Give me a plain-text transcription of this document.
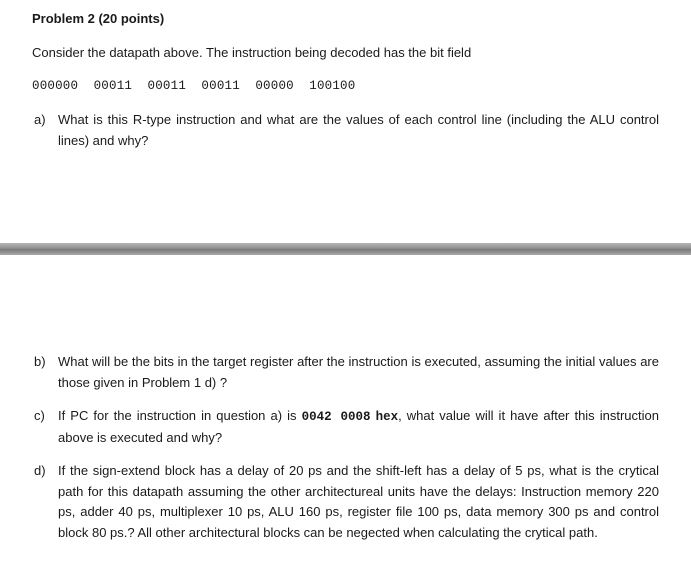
Problem 2 (20 points)

Consider the datapath above. The instruction being decoded has the bit field

000000  00011  00011  00011  00000  100100

a) What is this R-type instruction and what are the values of each control line (including the ALU control lines) and why?
b) What will be the bits in the target register after the instruction is executed, assuming the initial values are those given in Problem 1 d) ?
c)	If PC for the instruction in question a) is 0042 0008 hex, what value will it have after this instruction above is executed and why?
d) If the sign-extend block has a delay of 20 ps and the shift-left has a delay of 5 ps, what is the crytical path for this datapath assuming the other architectureal units have the delays: Instruction memory 220 ps, adder 40 ps, multiplexer 10 ps, ALU 160 ps, register file 100 ps, data memory 300 ps and control block 80 ps.? All other architectural blocks can be negected when calculating the crytical path.
